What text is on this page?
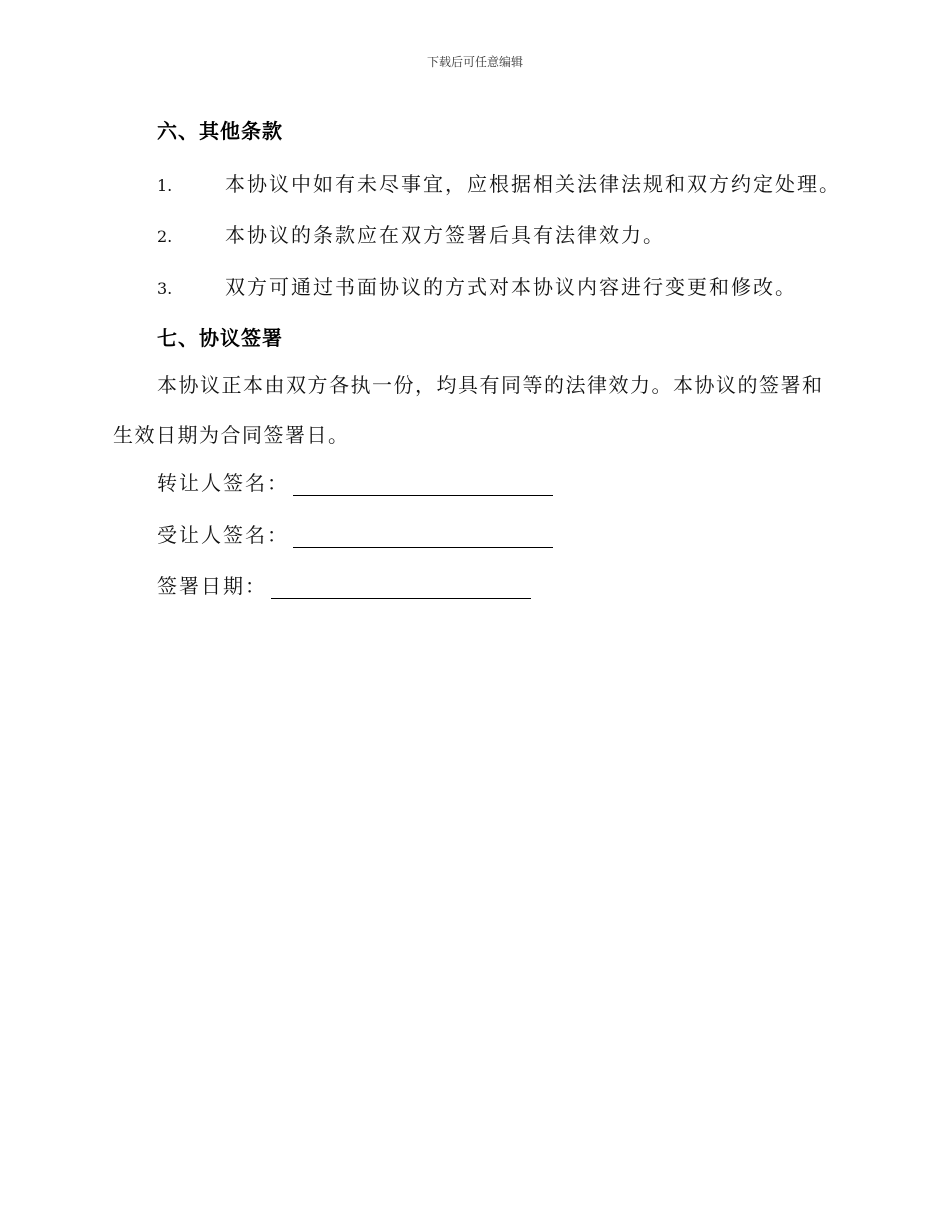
下载后可任意编辑
六、其他条款
1.	本协议中如有未尽事宜，应根据相关法律法规和双方约定处理。
2.	本协议的条款应在双方签署后具有法律效力。
3.	双方可通过书面协议的方式对本协议内容进行变更和修改。
七、协议签署
本协议正本由双方各执一份，均具有同等的法律效力。本协议的签署和生效日期为合同签署日。
转让人签名：
受让人签名：
签署日期：
